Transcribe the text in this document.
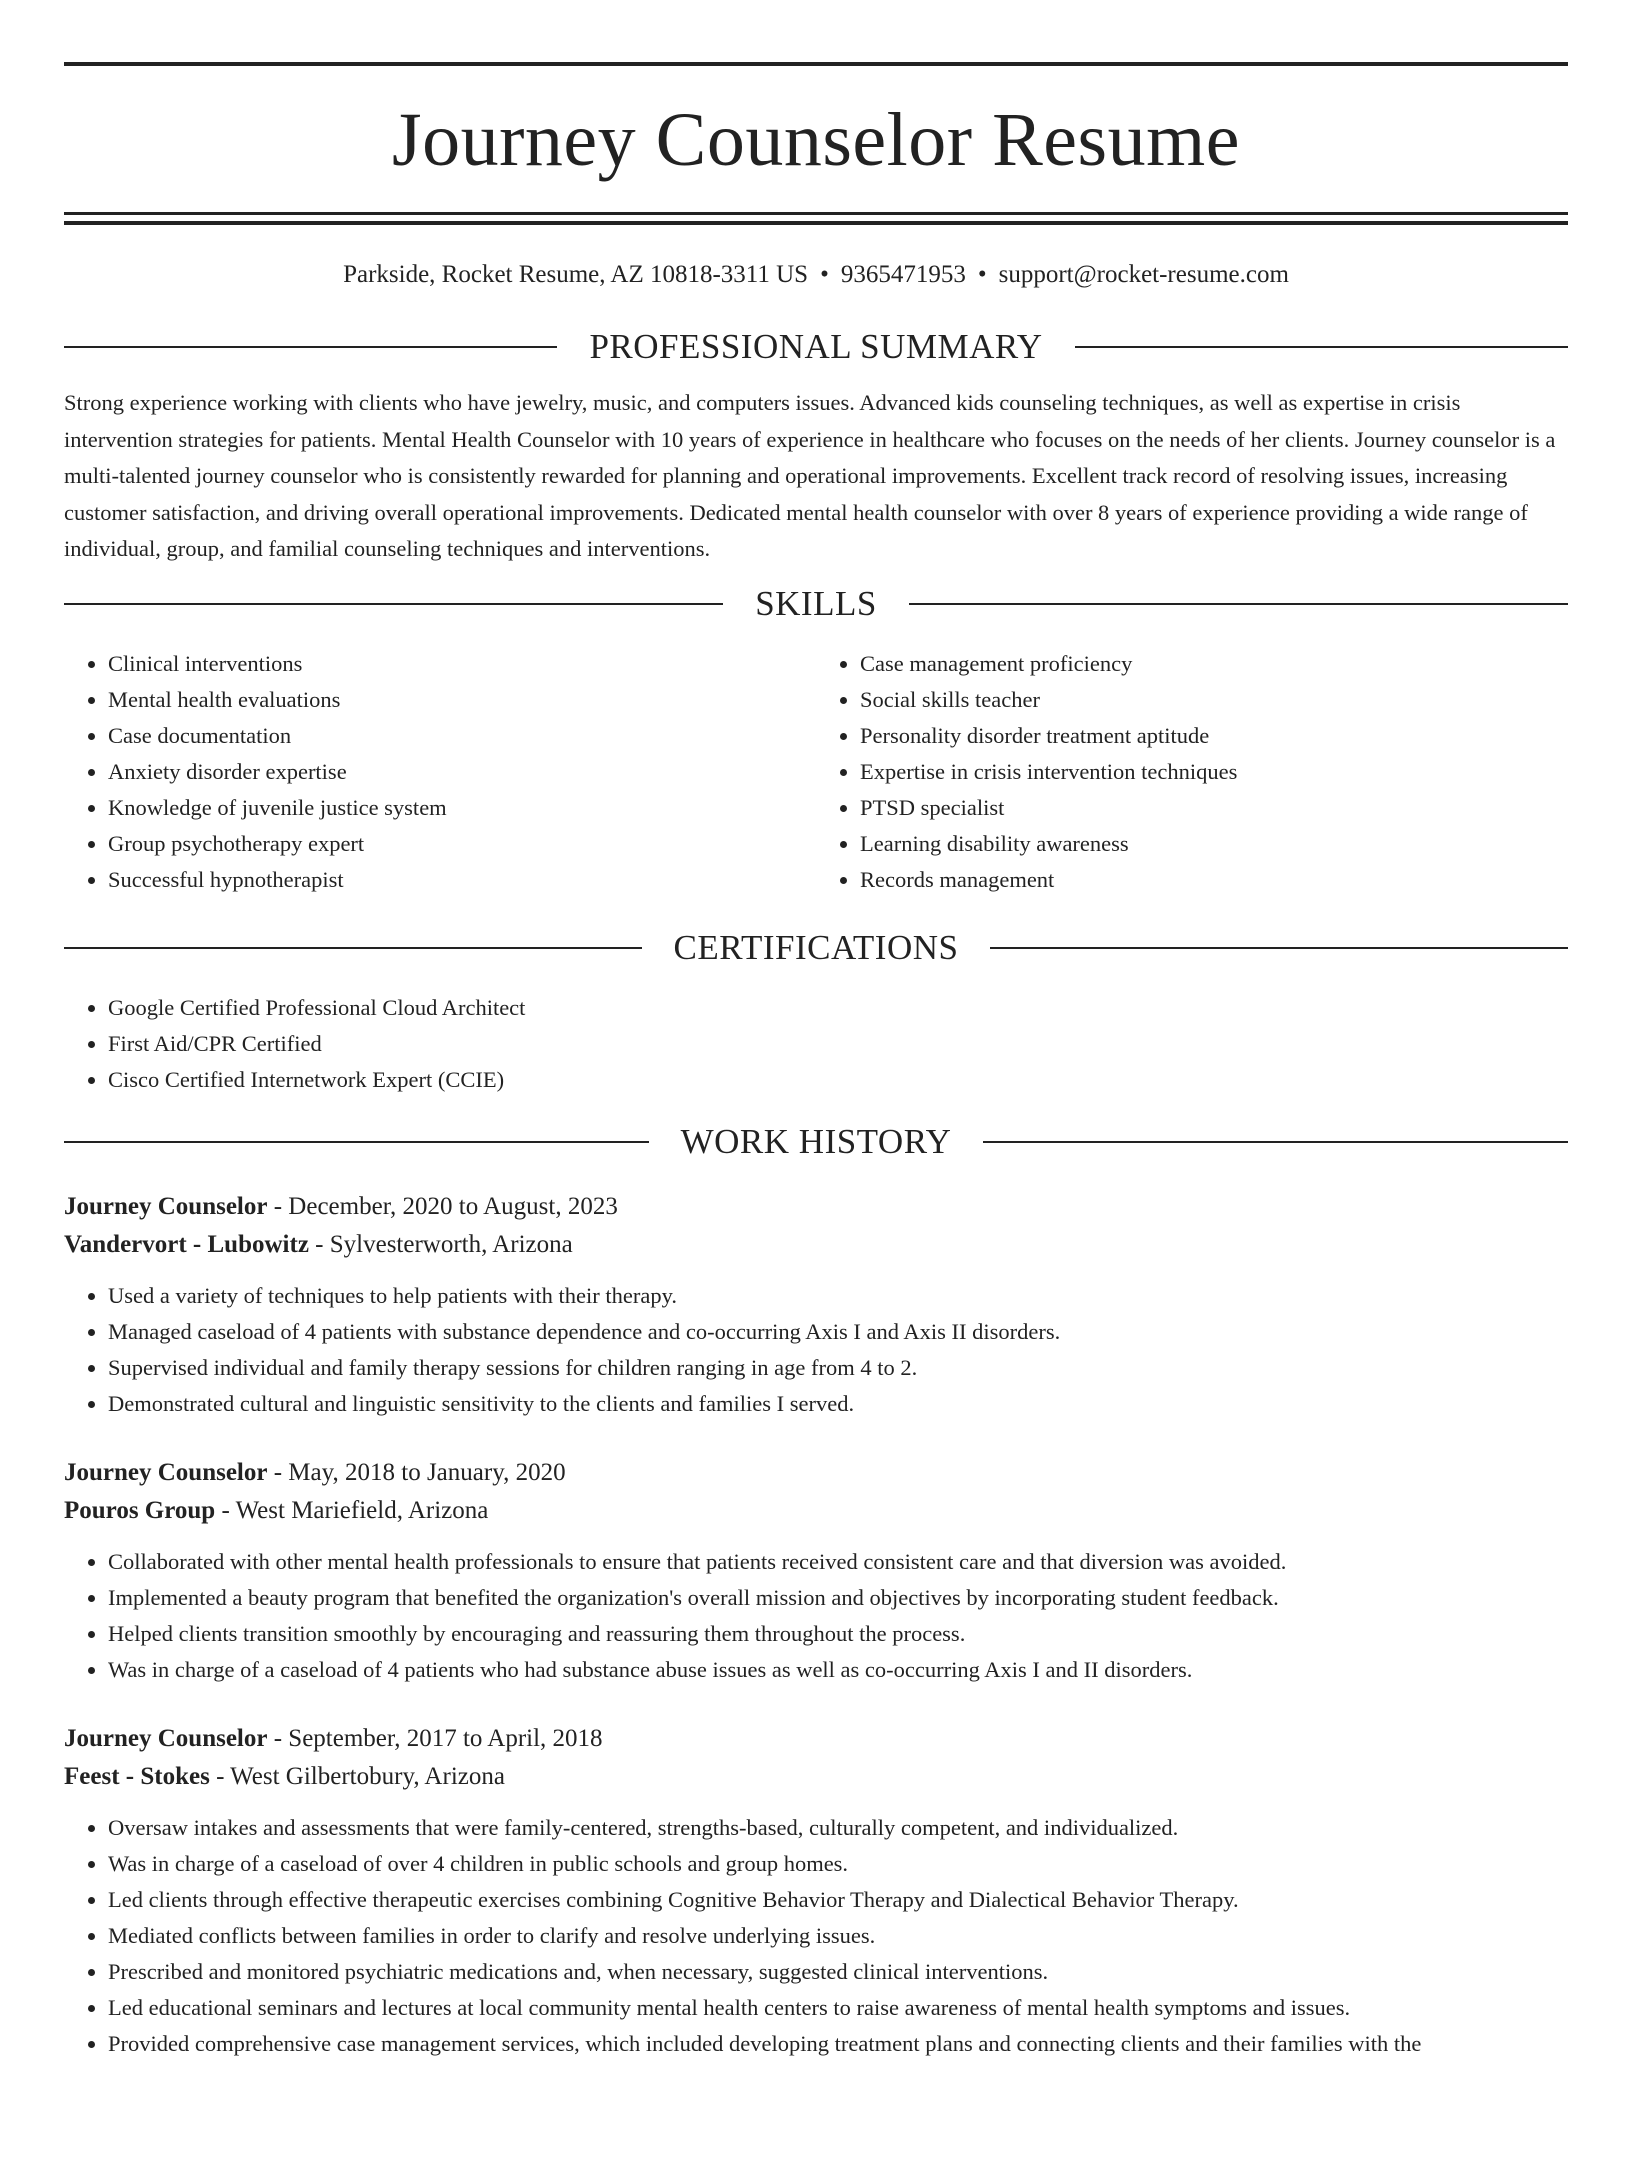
Journey Counselor Resume
Parkside, Rocket Resume, AZ 10818-3311 US • 9365471953 • support@rocket-resume.com
PROFESSIONAL SUMMARY

Strong experience working with clients who have jewelry, music, and computers issues. Advanced kids counseling techniques, as well as expertise in crisis intervention strategies for patients. Mental Health Counselor with 10 years of experience in healthcare who focuses on the needs of her clients. Journey counselor is a multi-talented journey counselor who is consistently rewarded for planning and operational improvements. Excellent track record of resolving issues, increasing customer satisfaction, and driving overall operational improvements. Dedicated mental health counselor with over 8 years of experience providing a wide range of individual, group, and familial counseling techniques and interventions.

SKILLS
• Clinical interventions
• Mental health evaluations
• Case documentation
• Anxiety disorder expertise
• Knowledge of juvenile justice system
• Group psychotherapy expert
• Successful hypnotherapist
• Case management proficiency
• Social skills teacher
• Personality disorder treatment aptitude
• Expertise in crisis intervention techniques
• PTSD specialist
• Learning disability awareness
• Records management
CERTIFICATIONS
• Google Certified Professional Cloud Architect
• First Aid/CPR Certified
• Cisco Certified Internetwork Expert (CCIE)
WORK HISTORY
Journey Counselor - December, 2020 to August, 2023
Vandervort - Lubowitz - Sylvesterworth, Arizona
• Used a variety of techniques to help patients with their therapy.
• Managed caseload of 4 patients with substance dependence and co-occurring Axis I and Axis II disorders.
• Supervised individual and family therapy sessions for children ranging in age from 4 to 2.
• Demonstrated cultural and linguistic sensitivity to the clients and families I served.
Journey Counselor - May, 2018 to January, 2020
Pouros Group - West Mariefield, Arizona
• Collaborated with other mental health professionals to ensure that patients received consistent care and that diversion was avoided.
• Implemented a beauty program that benefited the organization's overall mission and objectives by incorporating student feedback.
• Helped clients transition smoothly by encouraging and reassuring them throughout the process.
• Was in charge of a caseload of 4 patients who had substance abuse issues as well as co-occurring Axis I and II disorders.
Journey Counselor - September, 2017 to April, 2018
Feest - Stokes - West Gilbertobury, Arizona
• Oversaw intakes and assessments that were family-centered, strengths-based, culturally competent, and individualized.
• Was in charge of a caseload of over 4 children in public schools and group homes.
• Led clients through effective therapeutic exercises combining Cognitive Behavior Therapy and Dialectical Behavior Therapy.
• Mediated conflicts between families in order to clarify and resolve underlying issues.
• Prescribed and monitored psychiatric medications and, when necessary, suggested clinical interventions.
• Led educational seminars and lectures at local community mental health centers to raise awareness of mental health symptoms and issues.
• Provided comprehensive case management services, which included developing treatment plans and connecting clients and their families with the
